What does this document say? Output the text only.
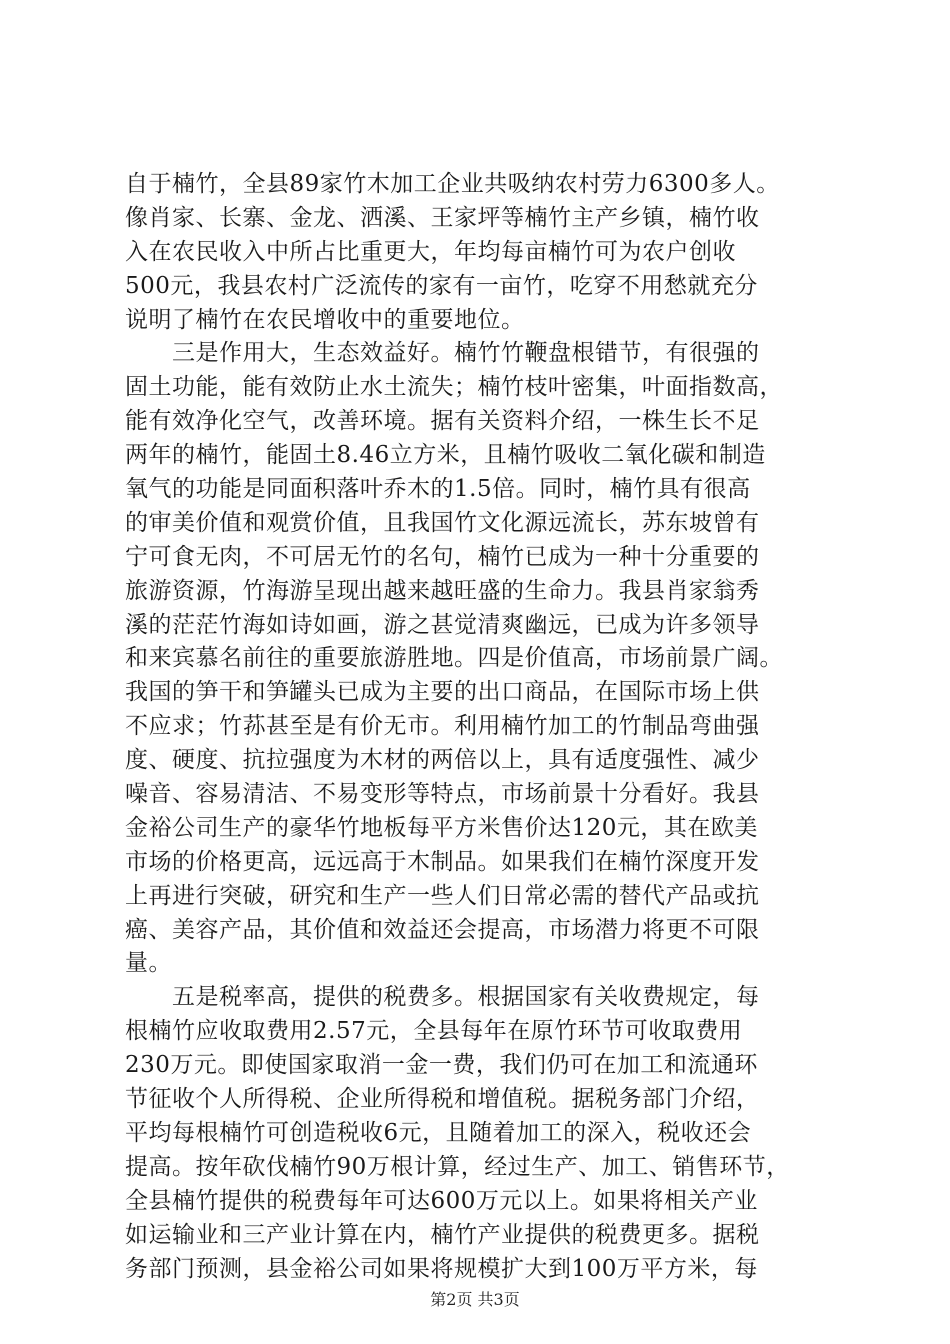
自于楠竹，全县89家竹木加工企业共吸纳农村劳力6300多人。
像肖家、长寨、金龙、洒溪、王家坪等楠竹主产乡镇，楠竹收
入在农民收入中所占比重更大，年均每亩楠竹可为农户创收
500元，我县农村广泛流传的家有一亩竹，吃穿不用愁就充分
说明了楠竹在农民增收中的重要地位。
　　三是作用大，生态效益好。楠竹竹鞭盘根错节，有很强的
固土功能，能有效防止水土流失；楠竹枝叶密集，叶面指数高，
能有效净化空气，改善环境。据有关资料介绍，一株生长不足
两年的楠竹，能固土8.46立方米，且楠竹吸收二氧化碳和制造
氧气的功能是同面积落叶乔木的1.5倍。同时，楠竹具有很高
的审美价值和观赏价值，且我国竹文化源远流长，苏东坡曾有
宁可食无肉，不可居无竹的名句，楠竹已成为一种十分重要的
旅游资源，竹海游呈现出越来越旺盛的生命力。我县肖家翁秀
溪的茫茫竹海如诗如画，游之甚觉清爽幽远，已成为许多领导
和来宾慕名前往的重要旅游胜地。四是价值高，市场前景广阔。
我国的笋干和笋罐头已成为主要的出口商品，在国际市场上供
不应求；竹荪甚至是有价无市。利用楠竹加工的竹制品弯曲强
度、硬度、抗拉强度为木材的两倍以上，具有适度强性、减少
噪音、容易清洁、不易变形等特点，市场前景十分看好。我县
金裕公司生产的豪华竹地板每平方米售价达120元，其在欧美
市场的价格更高，远远高于木制品。如果我们在楠竹深度开发
上再进行突破，研究和生产一些人们日常必需的替代产品或抗
癌、美容产品，其价值和效益还会提高，市场潜力将更不可限
量。
　　五是税率高，提供的税费多。根据国家有关收费规定，每
根楠竹应收取费用2.57元，全县每年在原竹环节可收取费用
230万元。即使国家取消一金一费，我们仍可在加工和流通环
节征收个人所得税、企业所得税和增值税。据税务部门介绍，
平均每根楠竹可创造税收6元，且随着加工的深入，税收还会
提高。按年砍伐楠竹90万根计算，经过生产、加工、销售环节，
全县楠竹提供的税费每年可达600万元以上。如果将相关产业
如运输业和三产业计算在内，楠竹产业提供的税费更多。据税
务部门预测，县金裕公司如果将规模扩大到100万平方米，每
第2页 共3页
